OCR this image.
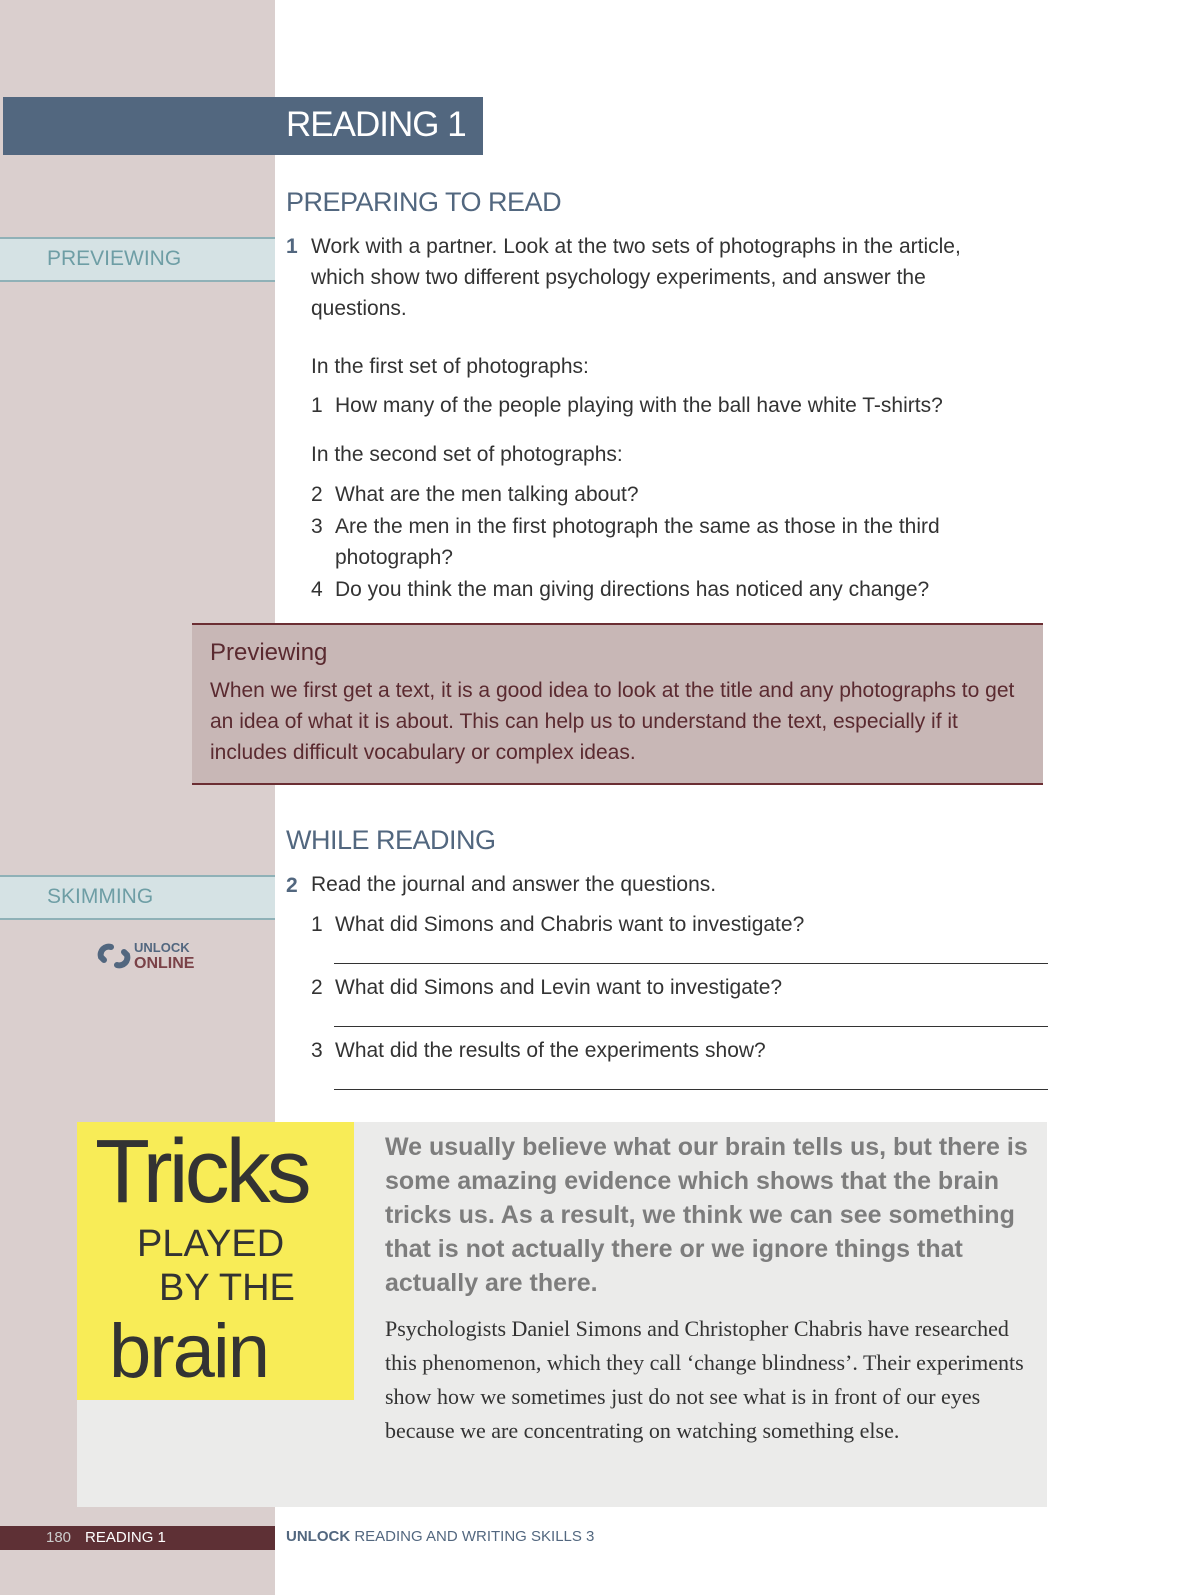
READING 1
PREPARING TO READ
PREVIEWING
1 Work with a partner. Look at the two sets of photographs in the article, which show two different psychology experiments, and answer the questions.
In the first set of photographs:
1 How many of the people playing with the ball have white T-shirts?
In the second set of photographs:
2 What are the men talking about?
3 Are the men in the first photograph the same as those in the third photograph?
4 Do you think the man giving directions has noticed any change?
Previewing
When we first get a text, it is a good idea to look at the title and any photographs to get an idea of what it is about. This can help us to understand the text, especially if it includes difficult vocabulary or complex ideas.
WHILE READING
SKIMMING
UNLOCK
ONLINE
2 Read the journal and answer the questions.
1 What did Simons and Chabris want to investigate?
2 What did Simons and Levin want to investigate?
3 What did the results of the experiments show?
Tricks
PLAYED
BY THE
brain
We usually believe what our brain tells us, but there is some amazing evidence which shows that the brain tricks us. As a result, we think we can see something that is not actually there or we ignore things that actually are there.
Psychologists Daniel Simons and Christopher Chabris have researched this phenomenon, which they call ‘change blindness’. Their experiments show how we sometimes just do not see what is in front of our eyes because we are concentrating on watching something else.
180 READING 1	UNLOCK READING AND WRITING SKILLS 3
